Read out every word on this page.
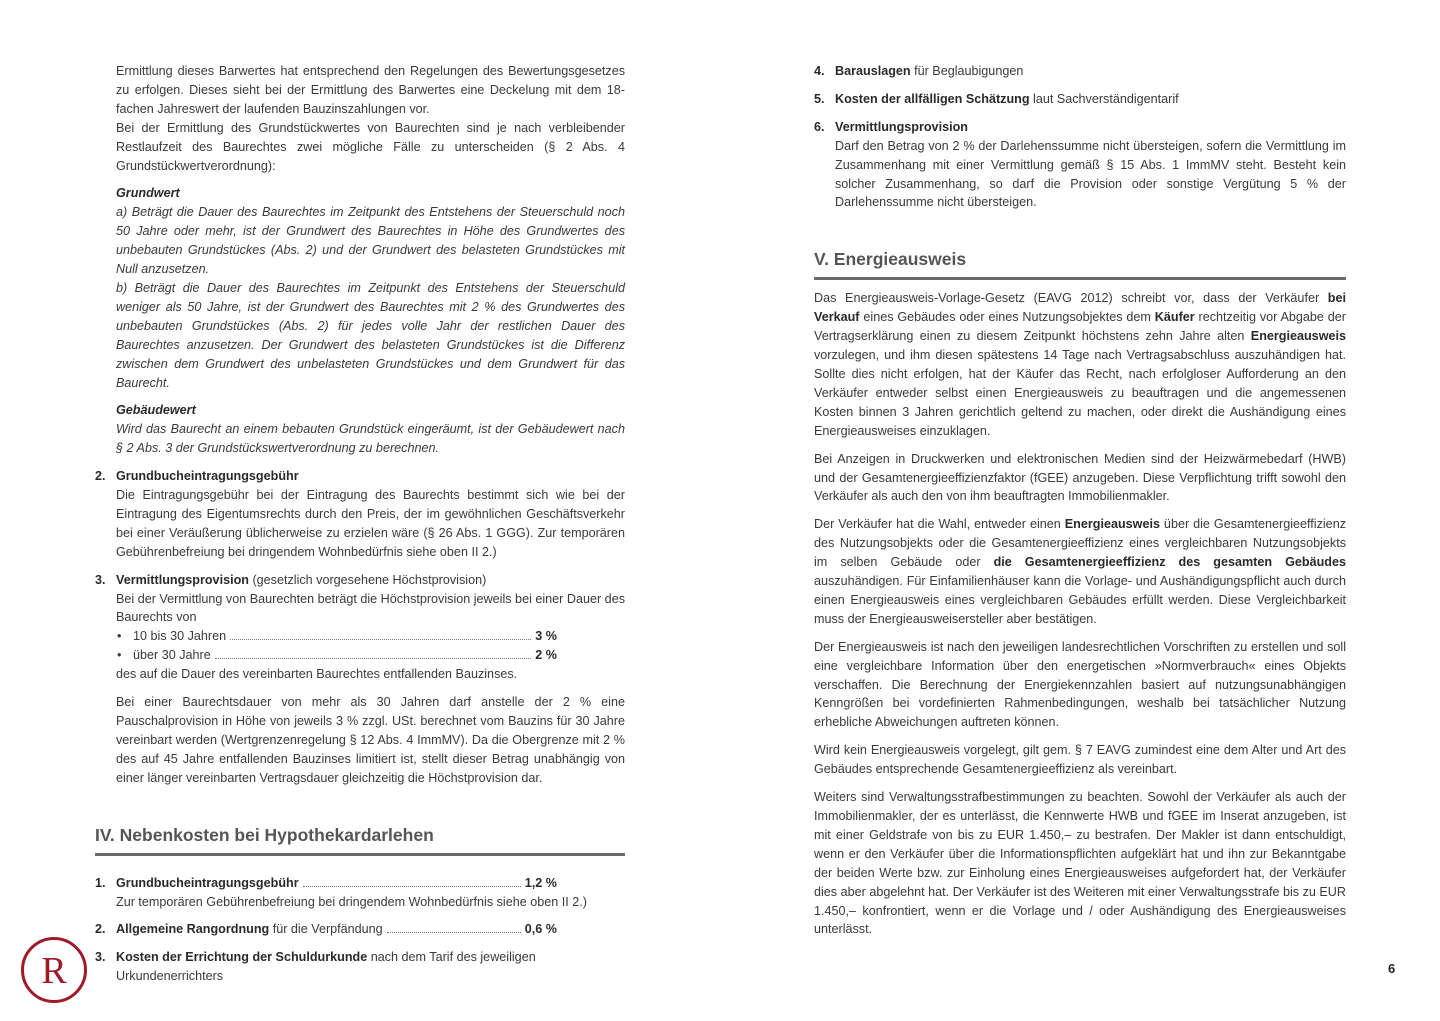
Ermittlung dieses Barwertes hat entsprechend den Regelungen des Bewertungsgesetzes zu erfolgen. Dieses sieht bei der Ermittlung des Barwertes eine Deckelung mit dem 18-fachen Jahreswert der laufenden Bauzinszahlungen vor.

Bei der Ermittlung des Grundstückwertes von Baurechten sind je nach verbleibender Restlaufzeit des Baurechtes zwei mögliche Fälle zu unterscheiden (§ 2 Abs. 4 Grundstückwertverordnung):

Grundwert

a) Beträgt die Dauer des Baurechtes im Zeitpunkt des Entstehens der Steuerschuld noch 50 Jahre oder mehr, ist der Grundwert des Baurechtes in Höhe des Grundwertes des unbebauten Grundstückes (Abs. 2) und der Grundwert des belasteten Grundstückes mit Null anzusetzen.

b) Beträgt die Dauer des Baurechtes im Zeitpunkt des Entstehens der Steuerschuld weniger als 50 Jahre, ist der Grundwert des Baurechtes mit 2 % des Grundwertes des unbebauten Grundstückes (Abs. 2) für jedes volle Jahr der restlichen Dauer des Baurechtes anzusetzen. Der Grundwert des belasteten Grundstückes ist die Differenz zwischen dem Grundwert des unbelasteten Grundstückes und dem Grundwert für das Baurecht.

Gebäudewert

Wird das Baurecht an einem bebauten Grundstück eingeräumt, ist der Gebäudewert nach § 2 Abs. 3 der Grundstückswertverordnung zu berechnen.

2. Grundbucheintragungsgebühr

Die Eintragungsgebühr bei der Eintragung des Baurechts bestimmt sich wie bei der Eintragung des Eigentumsrechts durch den Preis, der im gewöhnlichen Geschäftsverkehr bei einer Veräußerung üblicherweise zu erzielen wäre (§ 26 Abs. 1 GGG). Zur temporären Gebührenbefreiung bei dringendem Wohnbedürfnis siehe oben II 2.)

3. Vermittlungsprovision (gesetzlich vorgesehene Höchstprovision)

Bei der Vermittlung von Baurechten beträgt die Höchstprovision jeweils bei einer Dauer des Baurechts von

• 10 bis 30 Jahren	3 %
• über 30 Jahre	2 %

des auf die Dauer des vereinbarten Baurechtes entfallenden Bauzinses.

Bei einer Baurechtsdauer von mehr als 30 Jahren darf anstelle der 2 % eine Pauschalprovision in Höhe von jeweils 3 % zzgl. USt. berechnet vom Bauzins für 30 Jahre vereinbart werden (Wertgrenzenregelung § 12 Abs. 4 ImmMV). Da die Obergrenze mit 2 % des auf 45 Jahre entfallenden Bauzinses limitiert ist, stellt dieser Betrag unabhängig von einer länger vereinbarten Vertragsdauer gleichzeitig die Höchstprovision dar.

IV. Nebenkosten bei Hypothekardarlehen
1. Grundbucheintragungsgebühr	1,2 %

Zur temporären Gebührenbefreiung bei dringendem Wohnbedürfnis siehe oben II 2.)

2. Allgemeine Rangordnung für die Verpfändung	0,6 %
3. Kosten der Errichtung der Schuldurkunde nach dem Tarif des jeweiligen Urkundenerrichters

4. Barauslagen für Beglaubigungen

5. Kosten der allfälligen Schätzung laut Sachverständigentarif

6. Vermittlungsprovision

Darf den Betrag von 2 % der Darlehenssumme nicht übersteigen, sofern die Vermittlung im Zusammenhang mit einer Vermittlung gemäß § 15 Abs. 1 ImmMV steht. Besteht kein solcher Zusammenhang, so darf die Provision oder sonstige Vergütung 5 % der Darlehenssumme nicht übersteigen.

V. Energieausweis

Das Energieausweis-Vorlage-Gesetz (EAVG 2012) schreibt vor, dass der Verkäufer bei Verkauf eines Gebäudes oder eines Nutzungsobjektes dem Käufer rechtzeitig vor Abgabe der Vertragserklärung einen zu diesem Zeitpunkt höchstens zehn Jahre alten Energieausweis vorzulegen, und ihm diesen spätestens 14 Tage nach Vertragsabschluss auszuhändigen hat. Sollte dies nicht erfolgen, hat der Käufer das Recht, nach erfolgloser Aufforderung an den Verkäufer entweder selbst einen Energieausweis zu beauftragen und die angemessenen Kosten binnen 3 Jahren gerichtlich geltend zu machen, oder direkt die Aushändigung eines Energieausweises einzuklagen.

Bei Anzeigen in Druckwerken und elektronischen Medien sind der Heizwärmebedarf (HWB) und der Gesamtenergieeffizienzfaktor (fGEE) anzugeben. Diese Verpflichtung trifft sowohl den Verkäufer als auch den von ihm beauftragten Immobilienmakler.

Der Verkäufer hat die Wahl, entweder einen Energieausweis über die Gesamtenergieeffizienz des Nutzungsobjekts oder die Gesamtenergieeffizienz eines vergleichbaren Nutzungsobjekts im selben Gebäude oder die Gesamtenergieeffizienz des gesamten Gebäudes auszuhändigen. Für Einfamilienhäuser kann die Vorlage- und Aushändigungspflicht auch durch einen Energieausweis eines vergleichbaren Gebäudes erfüllt werden. Diese Vergleichbarkeit muss der Energieausweisersteller aber bestätigen.

Der Energieausweis ist nach den jeweiligen landesrechtlichen Vorschriften zu erstellen und soll eine vergleichbare Information über den energetischen »Normverbrauch« eines Objekts verschaffen. Die Berechnung der Energiekennzahlen basiert auf nutzungsunabhängigen Kenngrößen bei vordefinierten Rahmenbedingungen, weshalb bei tatsächlicher Nutzung erhebliche Abweichungen auftreten können.

Wird kein Energieausweis vorgelegt, gilt gem. § 7 EAVG zumindest eine dem Alter und Art des Gebäudes entsprechende Gesamtenergieeffizienz als vereinbart.

Weiters sind Verwaltungsstrafbestimmungen zu beachten. Sowohl der Verkäufer als auch der Immobilienmakler, der es unterlässt, die Kennwerte HWB und fGEE im Inserat anzugeben, ist mit einer Geldstrafe von bis zu EUR 1.450,– zu bestrafen. Der Makler ist dann entschuldigt, wenn er den Verkäufer über die Informationspflichten aufgeklärt hat und ihn zur Bekanntgabe der beiden Werte bzw. zur Einholung eines Energieausweises aufgefordert hat, der Verkäufer dies aber abgelehnt hat. Der Verkäufer ist des Weiteren mit einer Verwaltungsstrafe bis zu EUR 1.450,– konfrontiert, wenn er die Vorlage und / oder Aushändigung des Energieausweises unterlässt.

R	6
